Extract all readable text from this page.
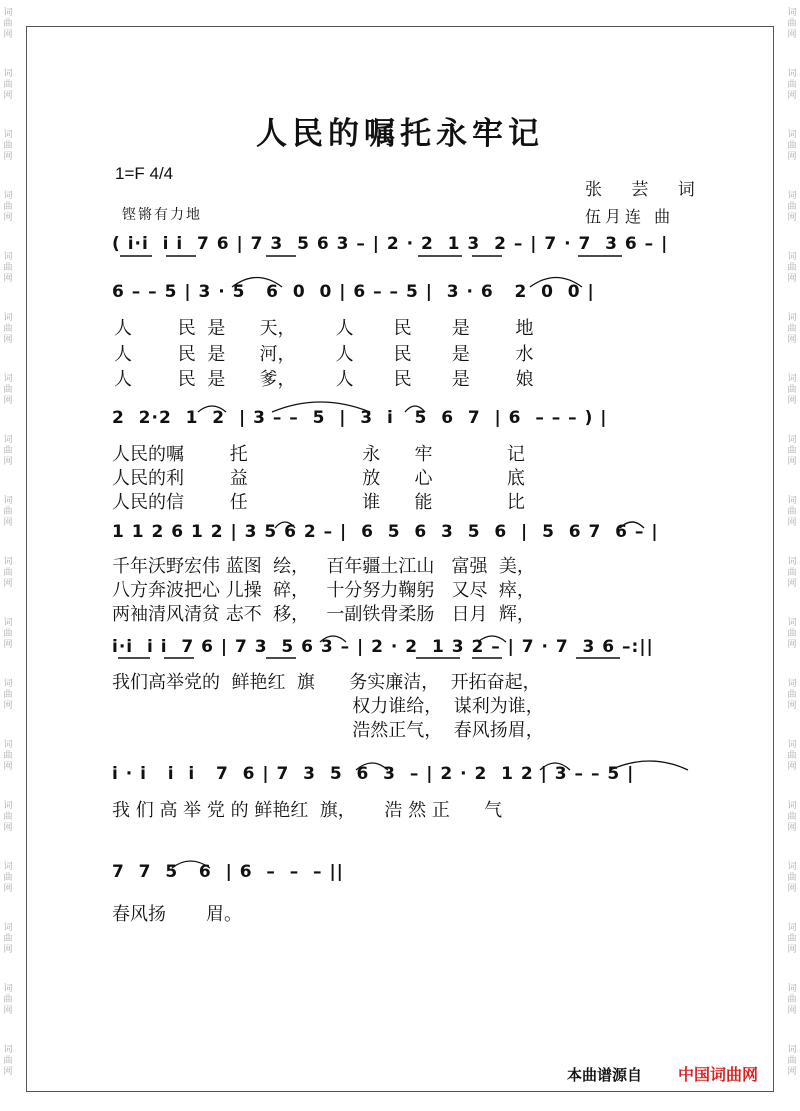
词
曲
网
词
曲
网
词
曲
网
词
曲
网
词
曲
网
词
曲
网
词
曲
网
词
曲
网
词
曲
网
词
曲
网
词
曲
网
词
曲
网
词
曲
网
词
曲
网
词
曲
网
词
曲
网
词
曲
网
词
曲
网
词
曲
网
词
曲
网
词
曲
网
词
曲
网
词
曲
网
词
曲
网
词
曲
网
词
曲
网
词
曲
网
词
曲
网
词
曲
网
词
曲
网
词
曲
网
词
曲
网
词
曲
网
词
曲
网
词
曲
网
词
曲
网
人民的嘱托永牢记
1=F 4/4
张 芸 词
铿锵有力地	伍月连 曲
( i·i  i i  7 6 | 7 3  5 6 3 – | 2 · 2  1 3  2 – | 7 · 7  3 6 – |
6 – – 5 | 3 · 5   6  0  0 | 6 – – 5 |  3 · 6   2  0  0 |
人        民  是      天，       人       民       是        地
人        民  是      河，       人       民       是        水
人        民  是      爹，       人       民       是        娘
2  2·2  1  2  | 3 – –  5  |  3  i   5  6  7  | 6  – – – ) |
人民的嘱        托                    永      牢             记
人民的利        益                    放      心             底
人民的信        任                    谁      能             比
1 1 2 6 1 2 | 3 5 6 2 – |  6  5  6  3  5  6  |  5  6 7  6 – |
千年沃野宏伟 蓝图  绘，   百年疆土江山   富强  美，
八方奔波把心 儿操  碎，   十分努力鞠躬   又尽  瘁，
两袖清风清贫 志不  移，   一副铁骨柔肠   日月  辉，
i·i  i i  7 6 | 7 3  5 6 3 – | 2 · 2  1 3 2 – | 7 · 7  3 6 –:||
我们高举党的  鲜艳红  旗      务实廉洁，  开拓奋起，
权力谁给，  谋利为谁，
浩然正气，  春风扬眉，
i · i   i  i   7  6 | 7  3  5  6  3  – | 2 · 2  1 2 | 3 – – 5 |
我 们 高 举 党 的 鲜艳红  旗，     浩 然 正      气
7  7  5   6  | 6  –  –  – ||
春风扬       眉。
本曲谱源自 中国词曲网
